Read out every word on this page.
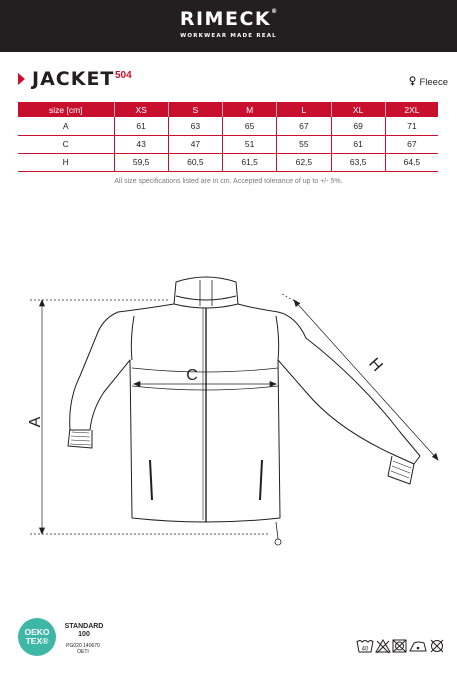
RIMECK®
WORKWEAR MADE REAL
JACKET 504
Fleece
size [cm]	XS	S	M	L	XL	2XL
A	61	63	65	67	69	71
C	43	47	51	55	61	67
H	59,5	60,5	61,5	62,5	63,5	64,5
All size specifications listed are in cm. Accepted tolerance of up to +/- 5%.
A
C
H
OEKO
TEX®
STANDARD
100
PG020 140670
OETI	40
